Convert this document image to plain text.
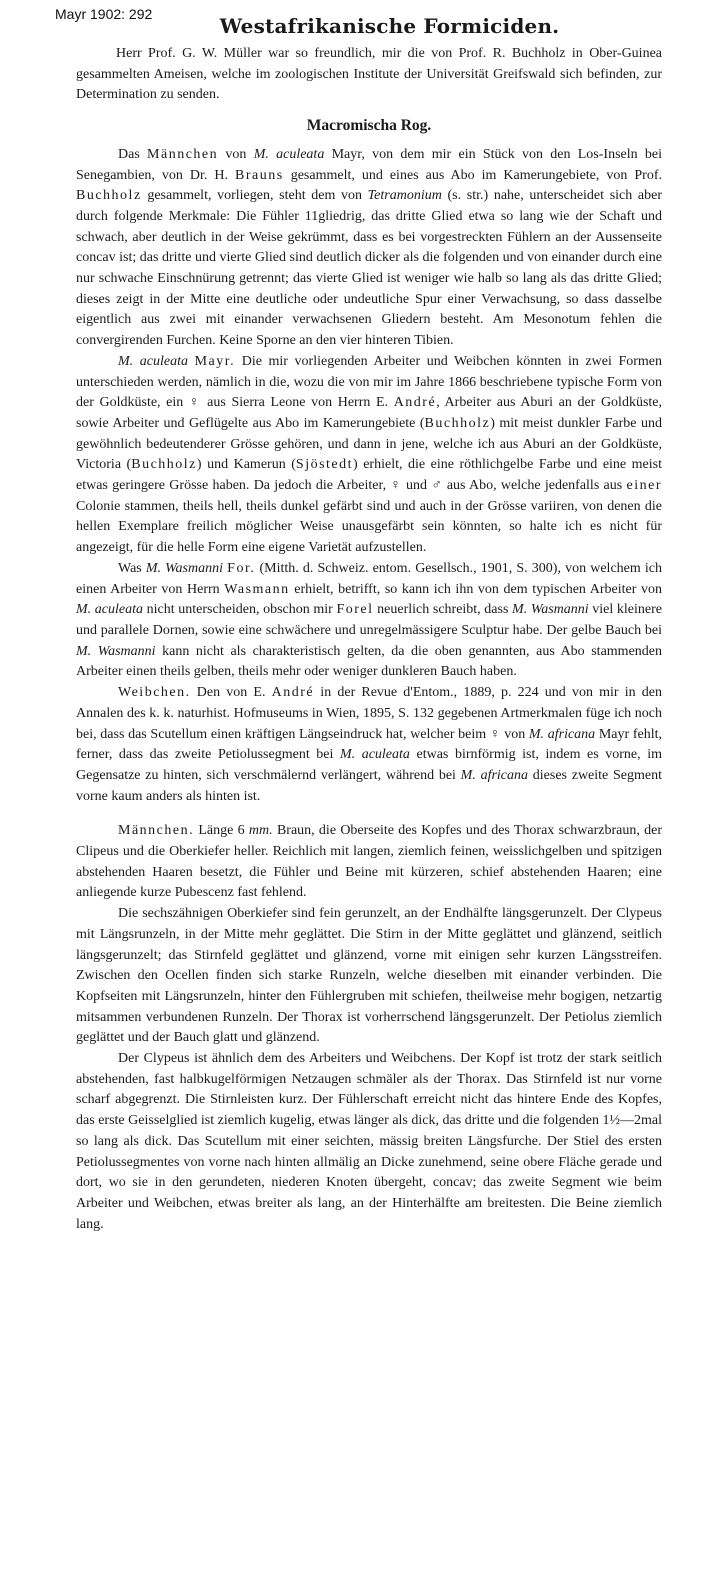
Mayr 1902: 292	Westafrikanische Formiciden.

Herr Prof. G. W. Müller war so freundlich, mir die von Prof. R. Buchholz in Ober-Guinea gesammelten Ameisen, welche im zoologischen Institute der Universität Greifswald sich befinden, zur Determination zu senden.

Macromischa Rog.

Das Männchen von M. aculeata Mayr, von dem mir ein Stück von den Los-Inseln bei Senegambien, von Dr. H. Brauns gesammelt, und eines aus Abo im Kamerungebiete, von Prof. Buchholz gesammelt, vorliegen, steht dem von Tetramonium (s. str.) nahe, unterscheidet sich aber durch folgende Merkmale: Die Fühler 11gliedrig, das dritte Glied etwa so lang wie der Schaft und schwach, aber deutlich in der Weise gekrümmt, dass es bei vorgestreckten Fühlern an der Aussenseite concav ist; das dritte und vierte Glied sind deutlich dicker als die folgenden und von einander durch eine nur schwache Einschnürung getrennt; das vierte Glied ist weniger wie halb so lang als das dritte Glied; dieses zeigt in der Mitte eine deutliche oder undeutliche Spur einer Verwachsung, so dass dasselbe eigentlich aus zwei mit einander verwachsenen Gliedern besteht. Am Mesonotum fehlen die convergirenden Furchen. Keine Sporne an den vier hinteren Tibien.

M. aculeata Mayr. Die mir vorliegenden Arbeiter und Weibchen könnten in zwei Formen unterschieden werden, nämlich in die, wozu die von mir im Jahre 1866 beschriebene typische Form von der Goldküste, ein ♀ aus Sierra Leone von Herrn E. André, Arbeiter aus Aburi an der Goldküste, sowie Arbeiter und Geflügelte aus Abo im Kamerungebiete (Buchholz) mit meist dunkler Farbe und gewöhnlich bedeutenderer Grösse gehören, und dann in jene, welche ich aus Aburi an der Goldküste, Victoria (Buchholz) und Kamerun (Sjöstedt) erhielt, die eine röthlichgelbe Farbe und eine meist etwas geringere Grösse haben. Da jedoch die Arbeiter, ♀ und ♂ aus Abo, welche jedenfalls aus einer Colonie stammen, theils hell, theils dunkel gefärbt sind und auch in der Grösse variiren, von denen die hellen Exemplare freilich möglicher Weise unausgefärbt sein könnten, so halte ich es nicht für angezeigt, für die helle Form eine eigene Varietät aufzustellen.

Was M. Wasmanni For. (Mitth. d. Schweiz. entom. Gesellsch., 1901, S. 300), von welchem ich einen Arbeiter von Herrn Wasmann erhielt, betrifft, so kann ich ihn von dem typischen Arbeiter von M. aculeata nicht unterscheiden, obschon mir Forel neuerlich schreibt, dass M. Wasmanni viel kleinere und parallele Dornen, sowie eine schwächere und unregelmässigere Sculptur habe. Der gelbe Bauch bei M. Wasmanni kann nicht als charakteristisch gelten, da die oben genannten, aus Abo stammenden Arbeiter einen theils gelben, theils mehr oder weniger dunkleren Bauch haben.

Weibchen. Den von E. André in der Revue d'Entom., 1889, p. 224 und von mir in den Annalen des k. k. naturhist. Hofmuseums in Wien, 1895, S. 132 gegebenen Artmerkmalen füge ich noch bei, dass das Scutellum einen kräftigen Längseindruck hat, welcher beim ♀ von M. africana Mayr fehlt, ferner, dass das zweite Petiolussegment bei M. aculeata etwas birnförmig ist, indem es vorne, im Gegensatze zu hinten, sich verschmälernd verlängert, während bei M. africana dieses zweite Segment vorne kaum anders als hinten ist.

Männchen. Länge 6 mm. Braun, die Oberseite des Kopfes und des Thorax schwarzbraun, der Clipeus und die Oberkiefer heller. Reichlich mit langen, ziemlich feinen, weisslichgelben und spitzigen abstehenden Haaren besetzt, die Fühler und Beine mit kürzeren, schief abstehenden Haaren; eine anliegende kurze Pubescenz fast fehlend.

Die sechszähnigen Oberkiefer sind fein gerunzelt, an der Endhälfte längsgerunzelt. Der Clypeus mit Längsrunzeln, in der Mitte mehr geglättet. Die Stirn in der Mitte geglättet und glänzend, seitlich längsgerunzelt; das Stirnfeld geglättet und glänzend, vorne mit einigen sehr kurzen Längsstreifen. Zwischen den Ocellen finden sich starke Runzeln, welche dieselben mit einander verbinden. Die Kopfseiten mit Längsrunzeln, hinter den Fühlergruben mit schiefen, theilweise mehr bogigen, netzartig mitsammen verbundenen Runzeln. Der Thorax ist vorherrschend längsgerunzelt. Der Petiolus ziemlich geglättet und der Bauch glatt und glänzend.

Der Clypeus ist ähnlich dem des Arbeiters und Weibchens. Der Kopf ist trotz der stark seitlich abstehenden, fast halbkugelförmigen Netzaugen schmäler als der Thorax. Das Stirnfeld ist nur vorne scharf abgegrenzt. Die Stirnleisten kurz. Der Fühlerschaft erreicht nicht das hintere Ende des Kopfes, das erste Geisselglied ist ziemlich kugelig, etwas länger als dick, das dritte und die folgenden 1½—2mal so lang als dick. Das Scutellum mit einer seichten, mässig breiten Längsfurche. Der Stiel des ersten Petiolussegmentes von vorne nach hinten allmälig an Dicke zunehmend, seine obere Fläche gerade und dort, wo sie in den gerundeten, niederen Knoten übergeht, concav; das zweite Segment wie beim Arbeiter und Weibchen, etwas breiter als lang, an der Hinterhälfte am breitesten. Die Beine ziemlich lang.
